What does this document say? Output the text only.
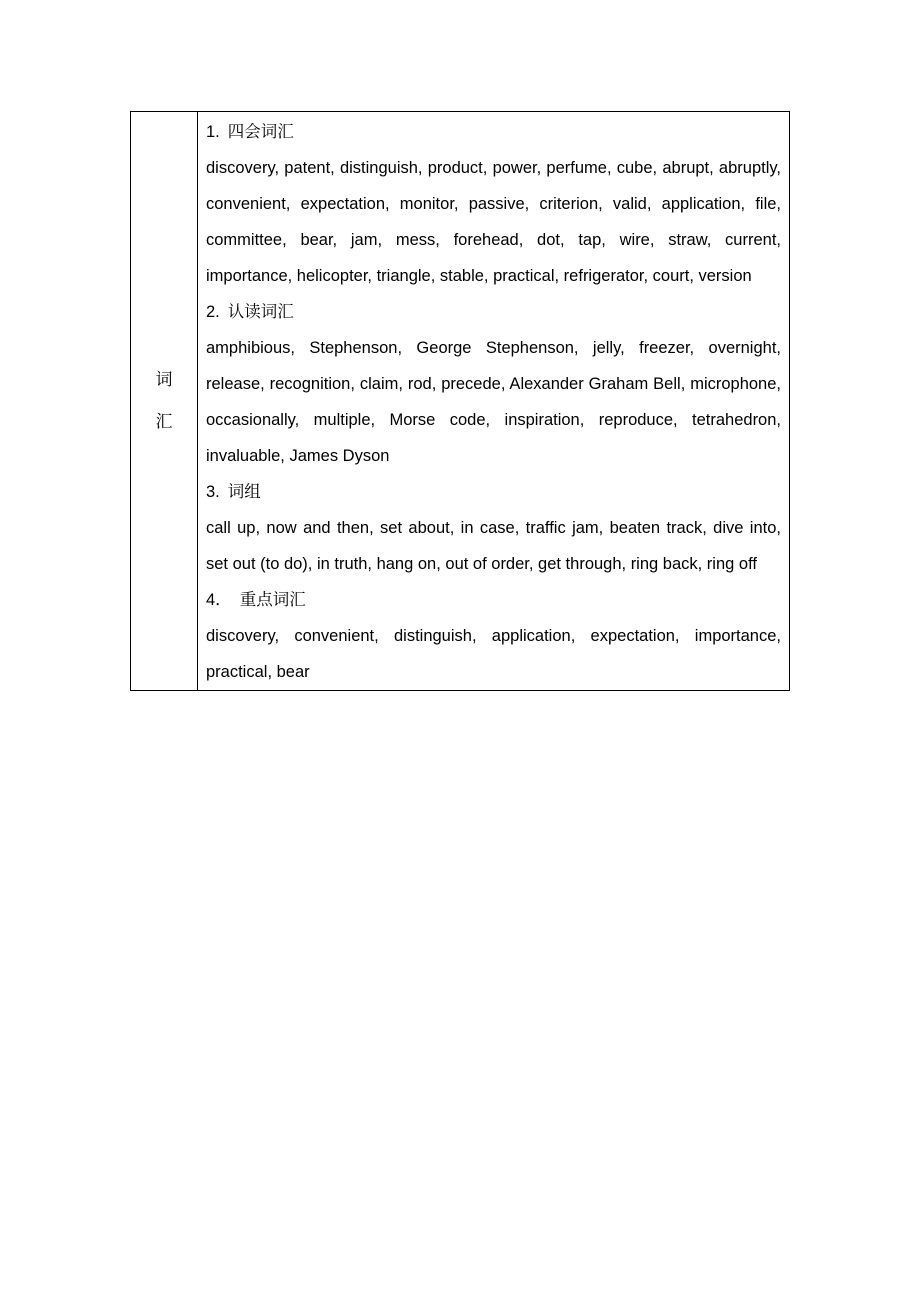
词
汇	
1. 四会词汇

discovery, patent, distinguish, product, power, perfume, cube, abrupt, abruptly, convenient, expectation, monitor, passive, criterion, valid, application, file, committee, bear, jam, mess, forehead, dot, tap, wire, straw, current, importance, helicopter, triangle, stable, practical, refrigerator, court, version

2. 认读词汇

amphibious, Stephenson, George Stephenson, jelly, freezer, overnight, release, recognition, claim, rod, precede, Alexander Graham Bell, microphone, occasionally, multiple, Morse code, inspiration, reproduce, tetrahedron, invaluable, James Dyson

3. 词组

call up, now and then, set about, in case, traffic jam, beaten track, dive into, set out (to do), in truth, hang on, out of order, get through, ring back, ring off

4． 重点词汇

discovery, convenient, distinguish, application, expectation, importance, practical, bear
